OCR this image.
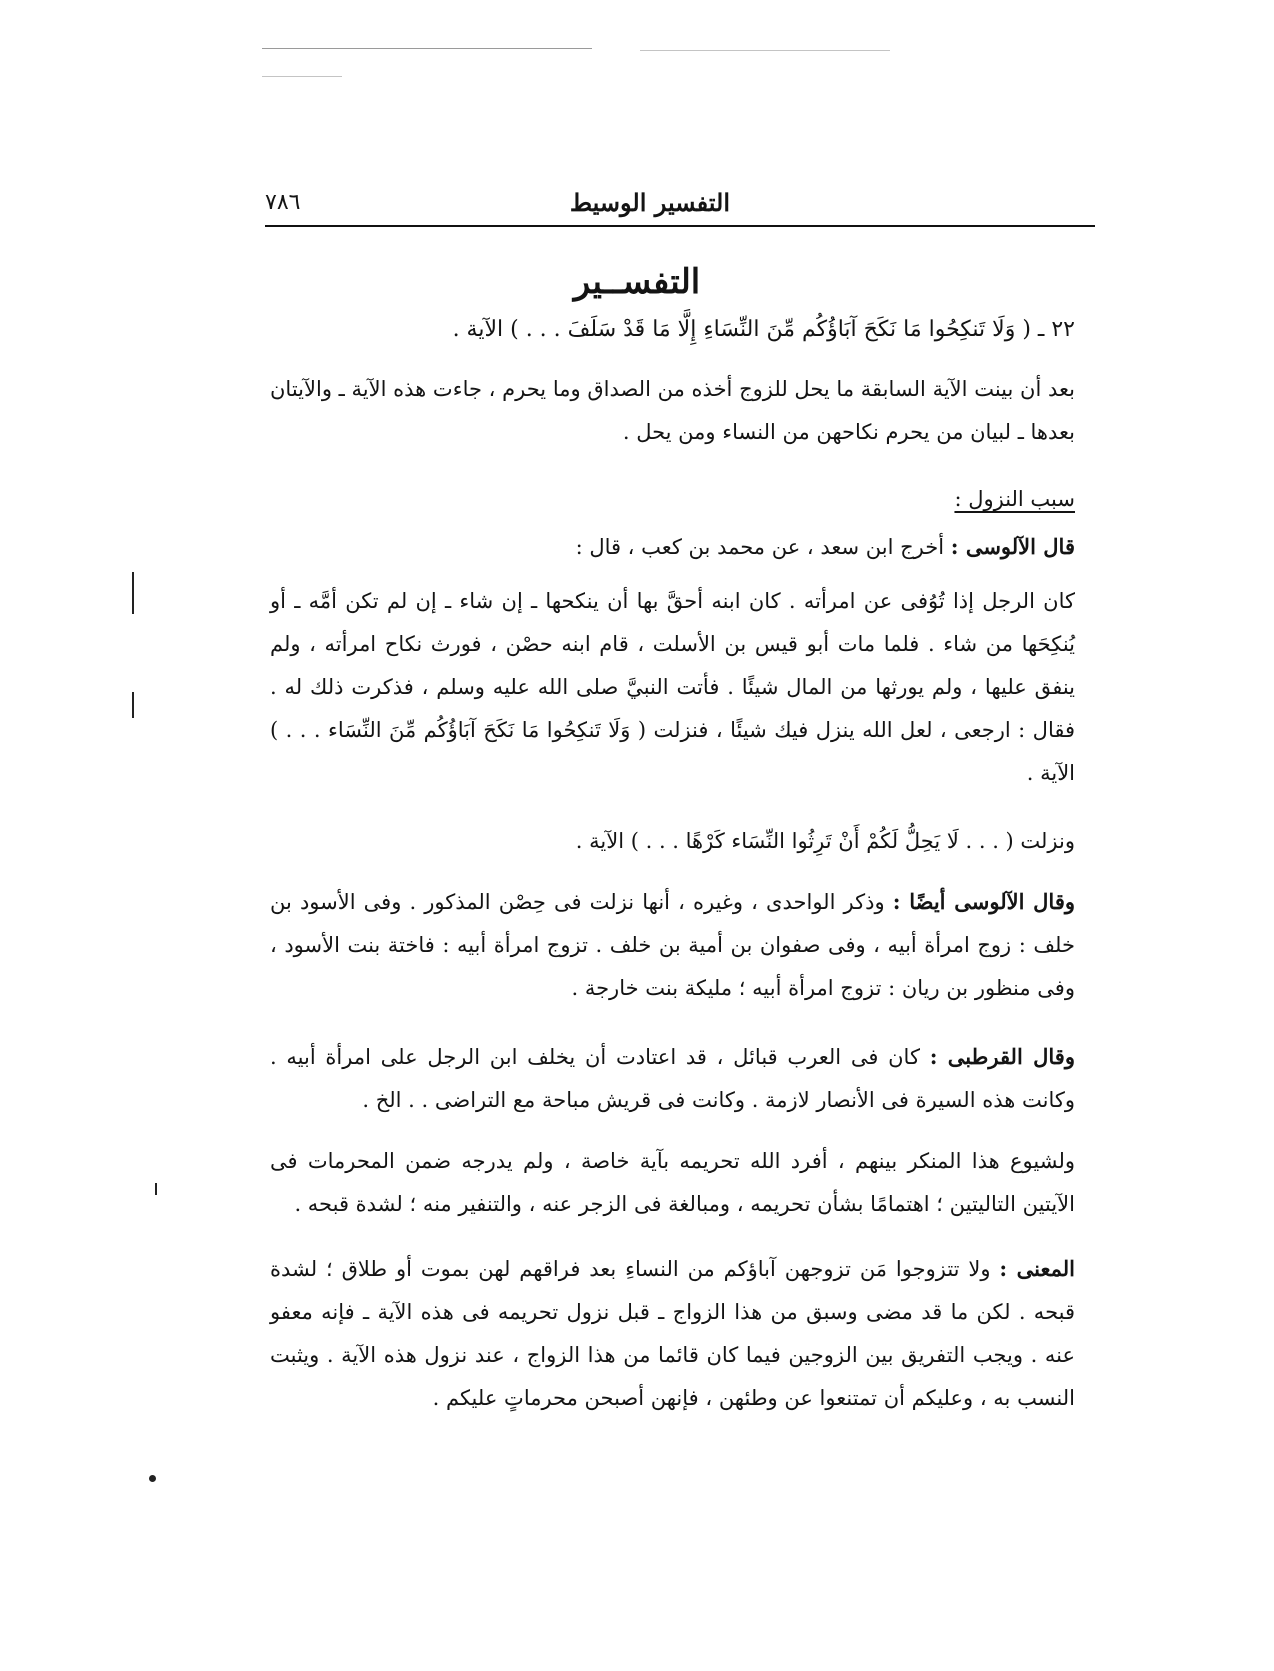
٧٨٦	التفسير الوسيط
التفســير

٢٢ ـ ( وَلَا تَنكِحُوا مَا نَكَحَ آبَاؤُكُم مِّنَ النِّسَاءِ إِلَّا مَا قَدْ سَلَفَ . . . ) الآية .

بعد أن بينت الآية السابقة ما يحل للزوج أخذه من الصداق وما يحرم ، جاءت هذه الآية ـ والآيتان بعدها ـ لبيان من يحرم نكاحهن من النساء ومن يحل .

سبب النزول :

قال الآلوسى : أخرج ابن سعد ، عن محمد بن كعب ، قال :

كان الرجل إذا تُوُفى عن امرأته . كان ابنه أحقَّ بها أن ينكحها ـ إن شاء ـ إن لم تكن أمَّه ـ أو يُنكِحَها من شاء . فلما مات أبو قيس بن الأسلت ، قام ابنه حصْن ، فورث نكاح امرأته ، ولم ينفق عليها ، ولم يورثها من المال شيئًا . فأتت النبيَّ صلى الله عليه وسلم ، فذكرت ذلك له . فقال : ارجعى ، لعل الله ينزل فيك شيئًا ، فنزلت ( وَلَا تَنكِحُوا مَا نَكَحَ آبَاؤُكُم مِّنَ النِّسَاء . . . ) الآية .

ونزلت ( . . . لَا يَحِلُّ لَكُمْ أَنْ تَرِثُوا النِّسَاء كَرْهًا . . . ) الآية .

وقال الآلوسى أيضًا : وذكر الواحدى ، وغيره ، أنها نزلت فى حِصْن المذكور . وفى الأسود بن خلف : زوج امرأة أبيه ، وفى صفوان بن أمية بن خلف . تزوج امرأة أبيه : فاختة بنت الأسود ، وفى منظور بن ريان : تزوج امرأة أبيه ؛ مليكة بنت خارجة .

وقال القرطبى : كان فى العرب قبائل ، قد اعتادت أن يخلف ابن الرجل على امرأة أبيه . وكانت هذه السيرة فى الأنصار لازمة . وكانت فى قريش مباحة مع التراضى . . الخ .

ولشيوع هذا المنكر بينهم ، أفرد الله تحريمه بآية خاصة ، ولم يدرجه ضمن المحرمات فى الآيتين التاليتين ؛ اهتمامًا بشأن تحريمه ، ومبالغة فى الزجر عنه ، والتنفير منه ؛ لشدة قبحه .

المعنى : ولا تتزوجوا مَن تزوجهن آباؤكم من النساءِ بعد فراقهم لهن بموت أو طلاق ؛ لشدة قبحه . لكن ما قد مضى وسبق من هذا الزواج ـ قبل نزول تحريمه فى هذه الآية ـ فإنه معفو عنه . ويجب التفريق بين الزوجين فيما كان قائما من هذا الزواج ، عند نزول هذه الآية . ويثبت النسب به ، وعليكم أن تمتنعوا عن وطئهن ، فإنهن أصبحن محرماتٍ عليكم .
